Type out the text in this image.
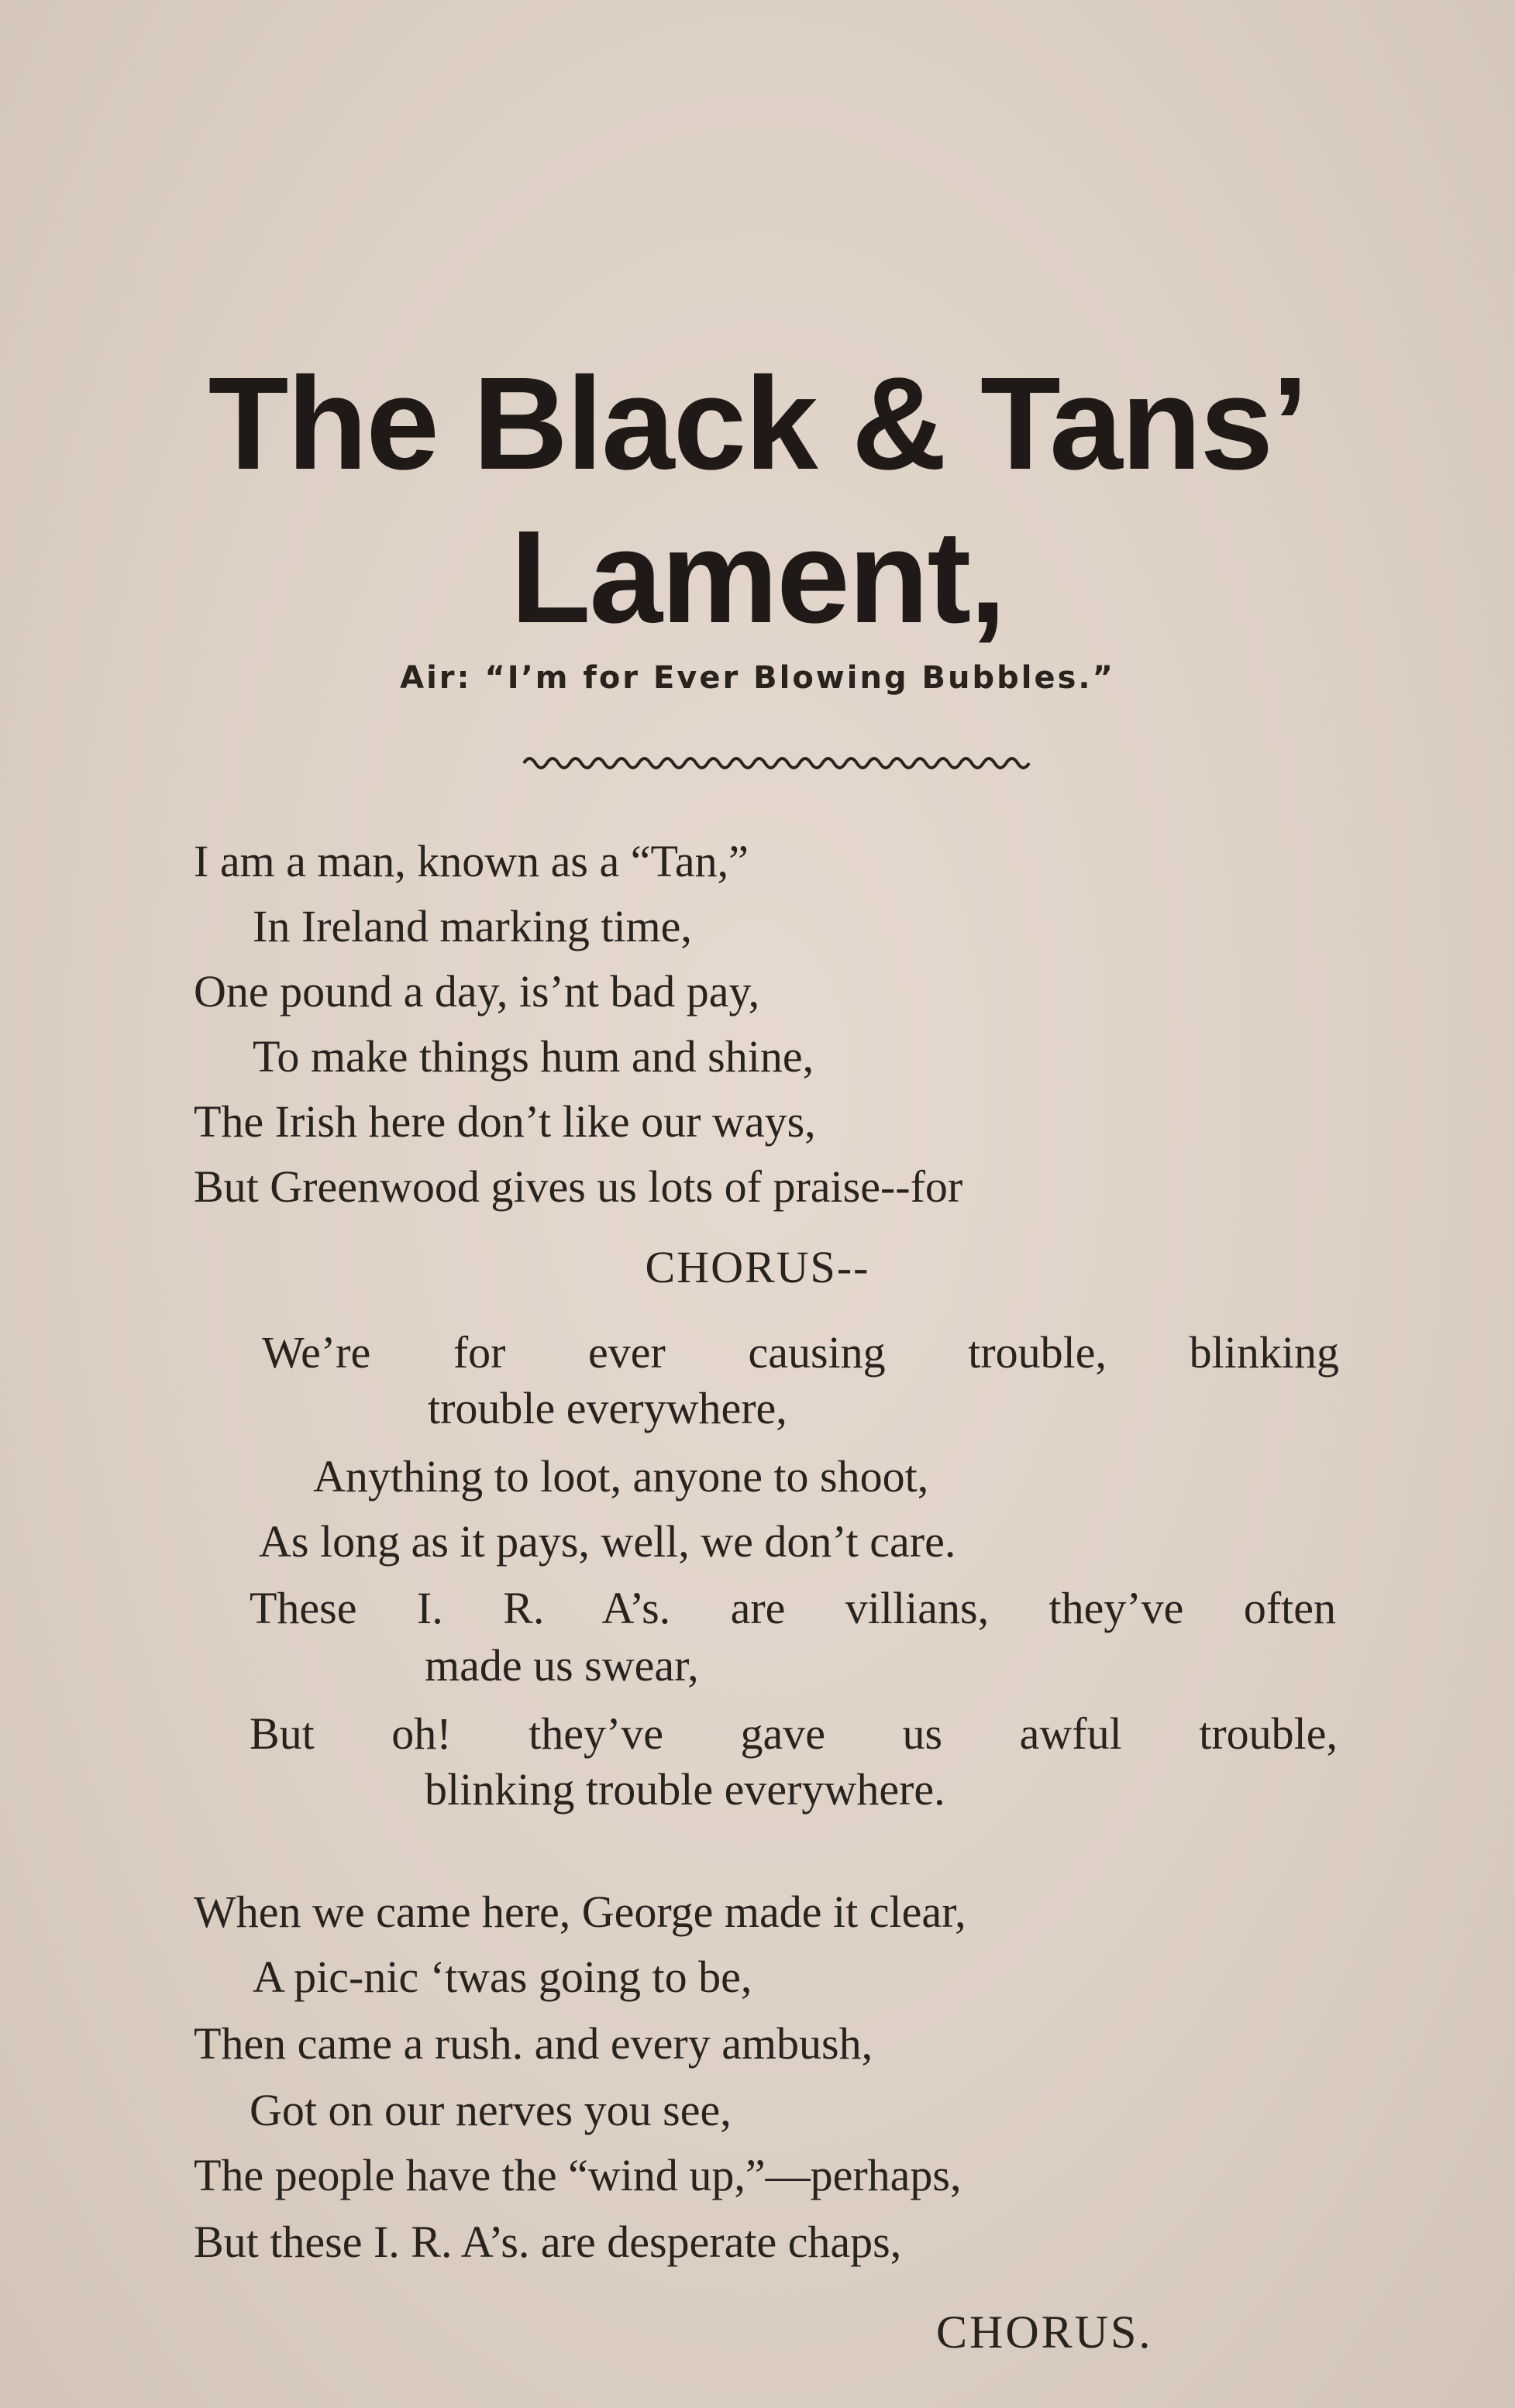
The Black & Tans’
Lament,

Air: “I’m for Ever Blowing Bubbles.”

I am a man, known as a “Tan,”

In Ireland marking time,

One pound a day, is’nt bad pay,

To make things hum and shine,

The Irish here don’t like our ways,

But Greenwood gives us lots of praise--for

CHORUS--

We’re for ever causing trouble, blinking

trouble everywhere,

Anything to loot, anyone to shoot,

As long as it pays, well, we don’t care.

These I. R. A’s. are villians, they’ve often

made us swear,

But oh! they’ve gave us awful trouble,

blinking trouble everywhere.

When we came here, George made it clear,

A pic-nic ‘twas going to be,

Then came a rush. and every ambush,

Got on our nerves you see,

The people have the “wind up,”—perhaps,

But these I. R. A’s. are desperate chaps,

CHORUS.
